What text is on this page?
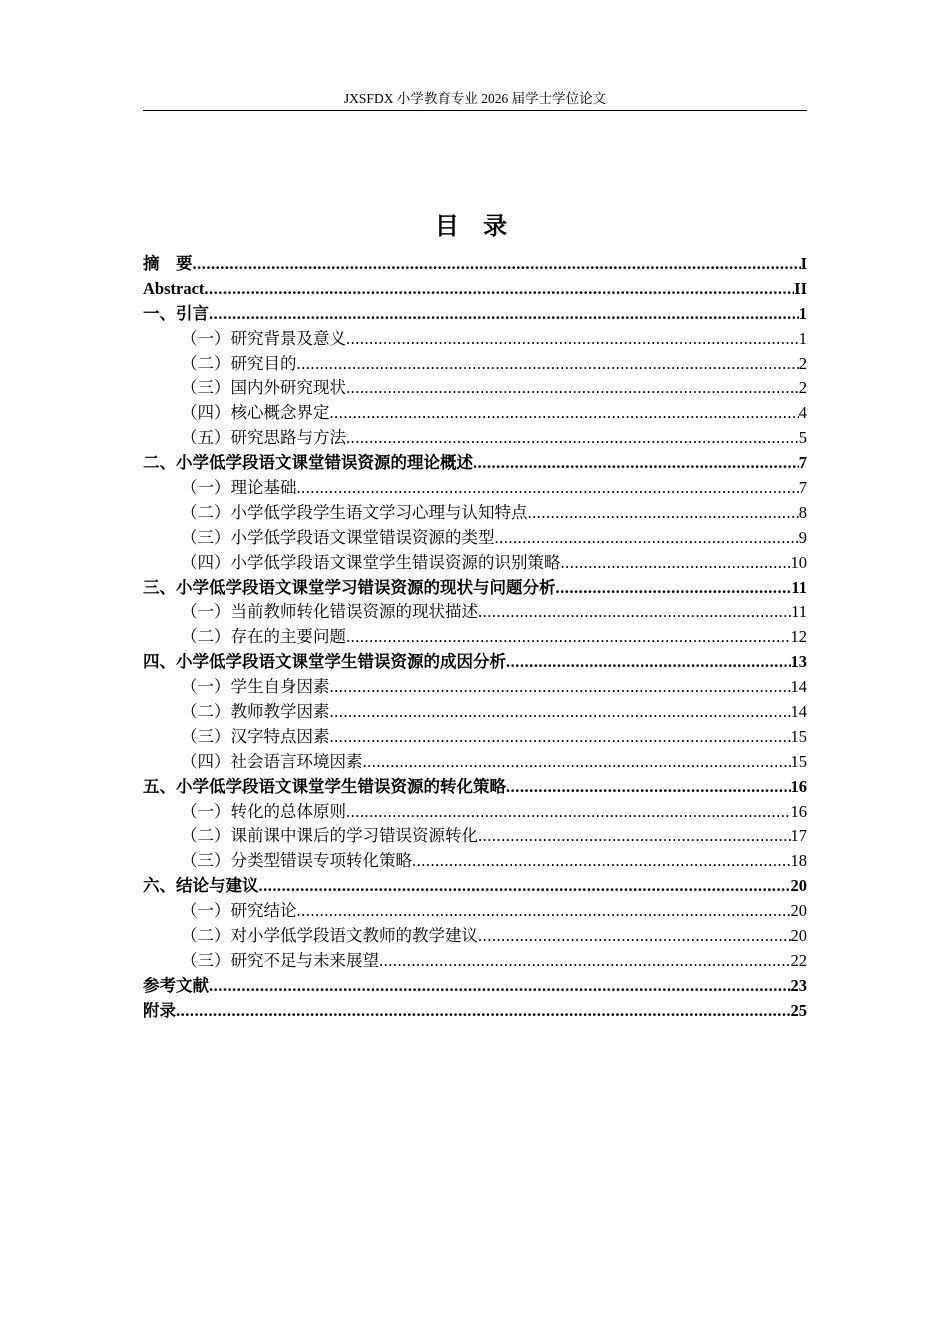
JXSFDX 小学教育专业 2026 届学士学位论文
目 录
摘　要 .....	I
Abstract .....	II
一、引言 .....	1
（一）研究背景及意义 .....	1
（二）研究目的 .....	2
（三）国内外研究现状 .....	2
（四）核心概念界定 .....	4
（五）研究思路与方法 .....	5
二、小学低学段语文课堂错误资源的理论概述 .....	7
（一）理论基础 .....	7
（二）小学低学段学生语文学习心理与认知特点 .....	8
（三）小学低学段语文课堂错误资源的类型 .....	9
（四）小学低学段语文课堂学生错误资源的识别策略 .....	10
三、小学低学段语文课堂学习错误资源的现状与问题分析 .....	11
（一）当前教师转化错误资源的现状描述 .....	11
（二）存在的主要问题 .....	12
四、小学低学段语文课堂学生错误资源的成因分析 .....	13
（一）学生自身因素 .....	14
（二）教师教学因素 .....	14
（三）汉字特点因素 .....	15
（四）社会语言环境因素 .....	15
五、小学低学段语文课堂学生错误资源的转化策略 .....	16
（一）转化的总体原则 .....	16
（二）课前课中课后的学习错误资源转化 .....	17
（三）分类型错误专项转化策略 .....	18
六、结论与建议 .....	20
（一）研究结论 .....	20
（二）对小学低学段语文教师的教学建议 .....	20
（三）研究不足与未来展望 .....	22
参考文献 .....	23
附录 .....	25
